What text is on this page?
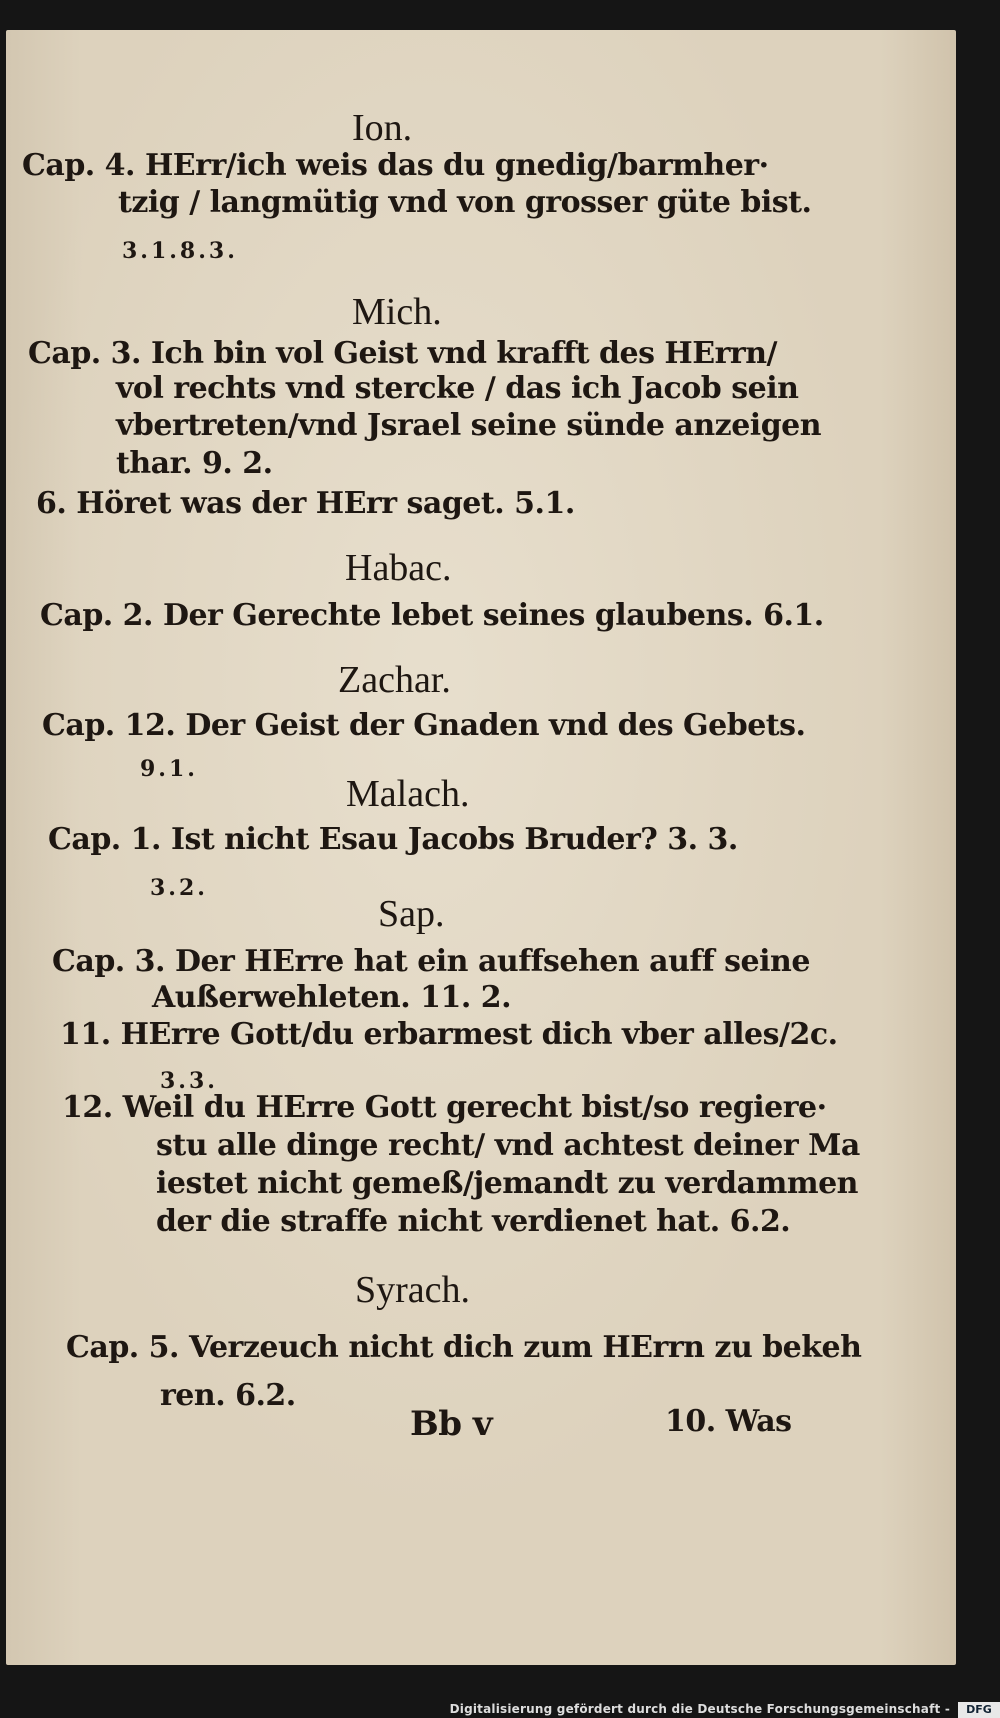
Ion.
Cap. 4. HErr/ich weis das du gnedig/barmher·
tzig / langmütig vnd von grosser güte bist.
3.1.8.3.
Mich.
Cap. 3. Ich bin vol Geist vnd krafft des HErrn/
vol rechts vnd stercke / das ich Jacob sein
vbertreten/vnd Jsrael seine sünde anzeigen
thar. 9. 2.
6. Höret was der HErr saget. 5.1.
Habac.
Cap. 2. Der Gerechte lebet seines glaubens. 6.1.
Zachar.
Cap. 12. Der Geist der Gnaden vnd des Gebets.
9.1.
Malach.
Cap. 1. Ist nicht Esau Jacobs Bruder? 3. 3.
3.2.
Sap.
Cap. 3. Der HErre hat ein auffsehen auff seine
Außerwehleten. 11. 2.
11. HErre Gott/du erbarmest dich vber alles/2c.
3.3.
12. Weil du HErre Gott gerecht bist/so regiere·
stu alle dinge recht/ vnd achtest deiner Ma
iestet nicht gemeß/jemandt zu verdammen
der die straffe nicht verdienet hat. 6.2.
Syrach.
Cap. 5. Verzeuch nicht dich zum HErrn zu bekeh
ren. 6.2.
Bb v	10. Was
Digitalisierung gefördert durch die Deutsche Forschungsgemeinschaft -	DFG
